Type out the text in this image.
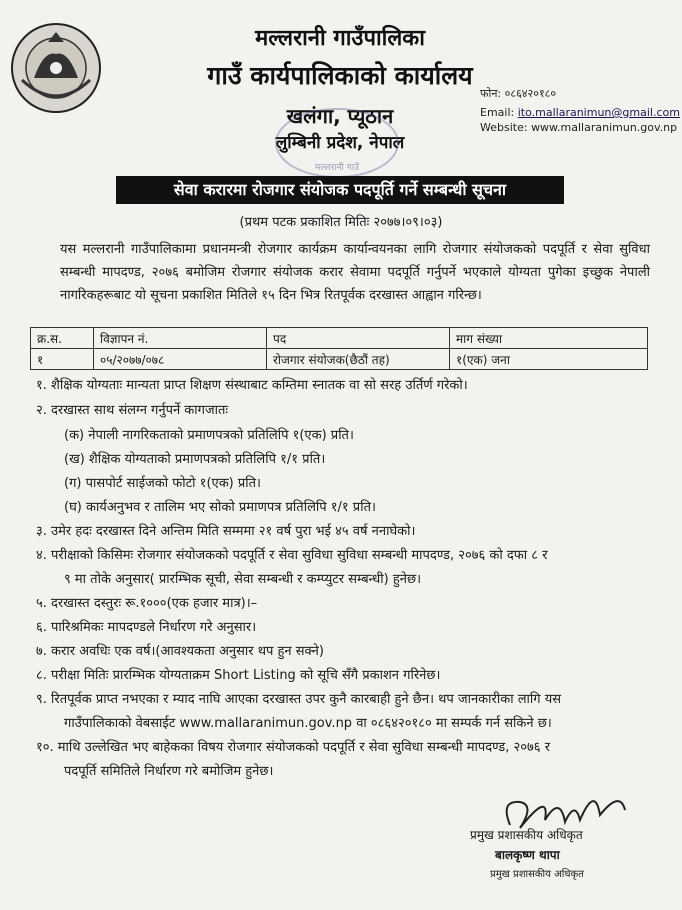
मल्लरानी गाउँपालिका
गाउँ कार्यपालिकाको कार्यालय
खलंगा, प्यूठान
लुम्बिनी प्रदेश, नेपाल
मल्लरानी गाउँ
फोन: ०८६४२०१८०
Email: ito.mallaranimun@gmail.com
Website: www.mallaranimun.gov.np
सेवा करारमा रोजगार संयोजक पदपूर्ति गर्ने सम्बन्धी सूचना
(प्रथम पटक प्रकाशित मितिः २०७७।०९।०३)
यस मल्लरानी गाउँपालिकामा प्रधानमन्त्री रोजगार कार्यक्रम कार्यान्वयनका लागि रोजगार संयोजकको पदपूर्ति र सेवा सुविधा सम्बन्धी मापदण्ड, २०७६ बमोजिम रोजगार संयोजक करार सेवामा पदपूर्ति गर्नुपर्ने भएकाले योग्यता पुगेका इच्छुक नेपाली नागरिकहरूबाट यो सूचना प्रकाशित मितिले १५ दिन भित्र रितपूर्वक दरखास्त आह्वान गरिन्छ।
क्र.स.	विज्ञापन नं.	पद	माग संख्या
१	०५/२०७७/०७८	रोजगार संयोजक(छैठौं तह)	१(एक) जना
१. शैक्षिक योग्यताः मान्यता प्राप्त शिक्षण संस्थाबाट कम्तिमा स्नातक वा सो सरह उर्तिर्ण गरेको।
२. दरखास्त साथ संलग्न गर्नुपर्ने कागजातः
(क) नेपाली नागरिकताको प्रमाणपत्रको प्रतिलिपि १(एक) प्रति।
(ख) शैक्षिक योग्यताको प्रमाणपत्रको प्रतिलिपि १/१ प्रति।
(ग) पासपोर्ट साईजको फोटो १(एक) प्रति।
(घ) कार्यअनुभव र तालिम भए सोको प्रमाणपत्र प्रतिलिपि १/१ प्रति।
३. उमेर हदः दरखास्त दिने अन्तिम मिति सम्ममा २१ वर्ष पुरा भई ४५ वर्ष ननाघेको।
४. परीक्षाको किसिमः रोजगार संयोजकको पदपूर्ति र सेवा सुविधा सुविधा सम्बन्धी मापदण्ड, २०७६ को दफा ८ र
९ मा तोके अनुसार( प्रारम्भिक सूची, सेवा सम्बन्धी र कम्प्युटर सम्बन्धी) हुनेछ।
५. दरखास्त दस्तुरः रू.१०००(एक हजार मात्र)।–
६. पारिश्रमिकः मापदण्डले निर्धारण गरे अनुसार।
७. करार अवधिः एक वर्ष।(आवश्यकता अनुसार थप हुन सक्ने)
८. परीक्षा मितिः प्रारम्भिक योग्यताक्रम Short Listing को सूचि सँगै प्रकाशन गरिनेछ।
९. रितपूर्वक प्राप्त नभएका र म्याद नाघि आएका दरखास्त उपर कुनै कारबाही हुने छैन। थप जानकारीका लागि यस
गाउँपालिकाको वेबसाईट www.mallaranimun.gov.np वा ०८६४२०१८० मा सम्पर्क गर्न सकिने छ।
१०. माथि उल्लेखित भए बाहेकका विषय रोजगार संयोजकको पदपूर्ति र सेवा सुविधा सम्बन्धी मापदण्ड, २०७६ र
पदपूर्ति समितिले निर्धारण गरे बमोजिम हुनेछ।
प्रमुख प्रशासकीय अधिकृत
बालकृष्ण थापा
प्रमुख प्रशासकीय अधिकृत
